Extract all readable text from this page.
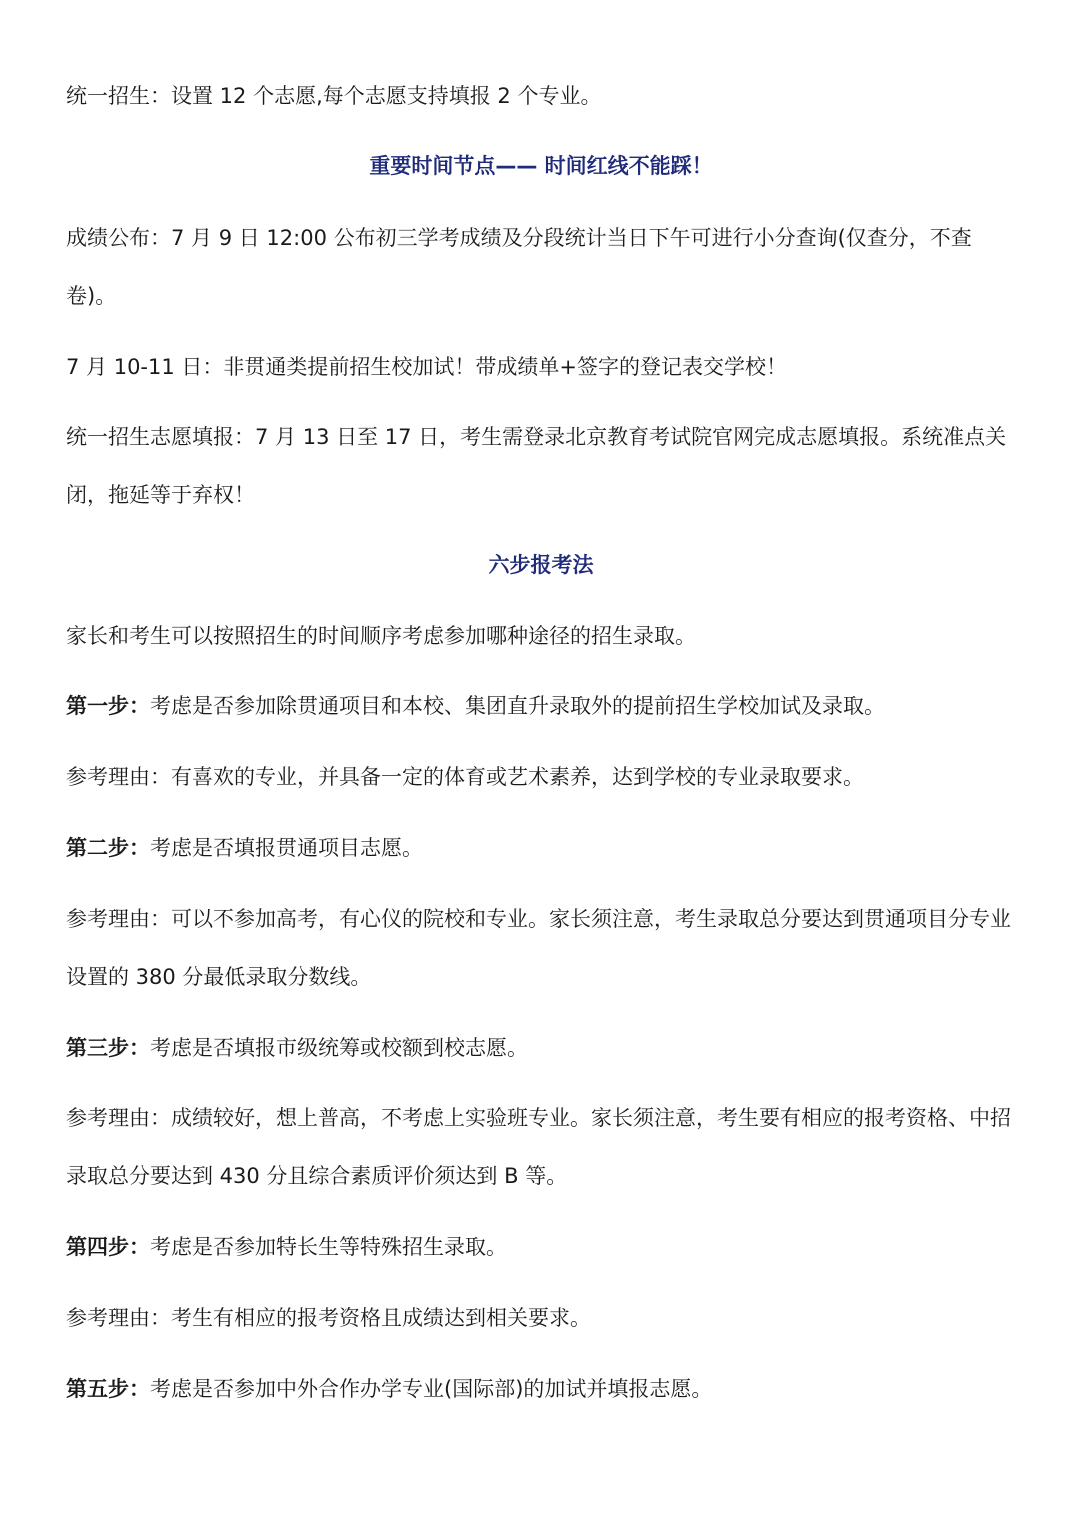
统一招生：设置 12 个志愿,每个志愿支持填报 2 个专业。

重要时间节点—— 时间红线不能踩！

成绩公布：7 月 9 日 12:00 公布初三学考成绩及分段统计当日下午可进行小分查询(仅查分，不查卷)。

7 月 10-11 日：非贯通类提前招生校加试！带成绩单+签字的登记表交学校！

统一招生志愿填报：7 月 13 日至 17 日，考生需登录北京教育考试院官网完成志愿填报。系统准点关闭，拖延等于弃权！

六步报考法

家长和考生可以按照招生的时间顺序考虑参加哪种途径的招生录取。

第一步：考虑是否参加除贯通项目和本校、集团直升录取外的提前招生学校加试及录取。

参考理由：有喜欢的专业，并具备一定的体育或艺术素养，达到学校的专业录取要求。

第二步：考虑是否填报贯通项目志愿。

参考理由：可以不参加高考，有心仪的院校和专业。家长须注意，考生录取总分要达到贯通项目分专业设置的 380 分最低录取分数线。

第三步：考虑是否填报市级统筹或校额到校志愿。

参考理由：成绩较好，想上普高，不考虑上实验班专业。家长须注意，考生要有相应的报考资格、中招录取总分要达到 430 分且综合素质评价须达到 B 等。

第四步：考虑是否参加特长生等特殊招生录取。

参考理由：考生有相应的报考资格且成绩达到相关要求。

第五步：考虑是否参加中外合作办学专业(国际部)的加试并填报志愿。
